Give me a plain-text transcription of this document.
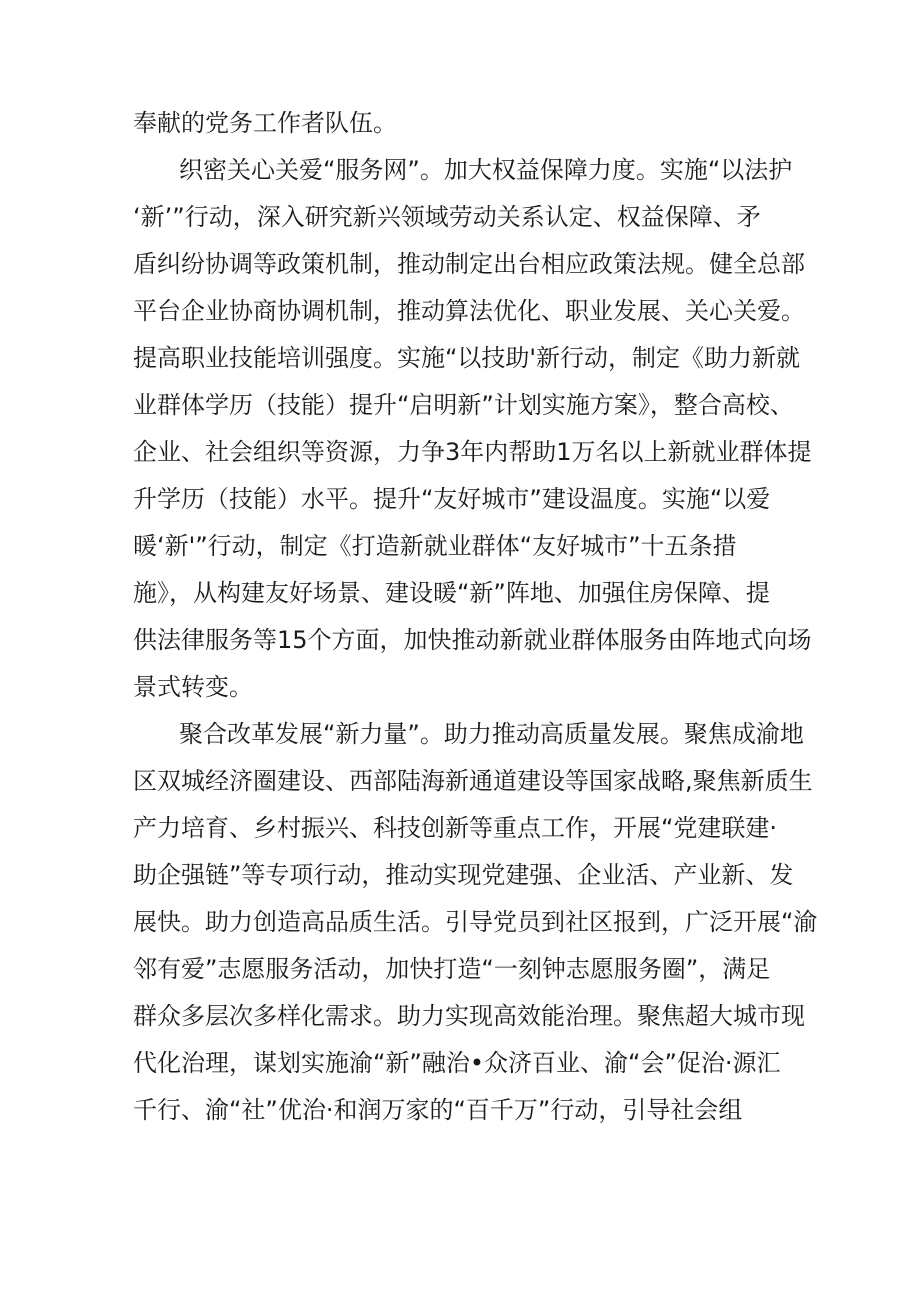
奉献的党务工作者队伍。
织密关心关爱“服务网”。加大权益保障力度。实施“以法护
‘新’”行动，深入研究新兴领域劳动关系认定、权益保障、矛
盾纠纷协调等政策机制，推动制定出台相应政策法规。健全总部
平台企业协商协调机制，推动算法优化、职业发展、关心关爱。
提高职业技能培训强度。实施“以技助'新行动，制定《助力新就
业群体学历（技能）提升“启明新”计划实施方案》，整合高校、
企业、社会组织等资源，力争3年内帮助1万名以上新就业群体提
升学历（技能）水平。提升“友好城市”建设温度。实施“以爱
暖‘新'”行动，制定《打造新就业群体“友好城市”十五条措
施》，从构建友好场景、建设暖“新”阵地、加强住房保障、提
供法律服务等15个方面，加快推动新就业群体服务由阵地式向场
景式转变。
聚合改革发展“新力量”。助力推动高质量发展。聚焦成渝地
区双城经济圈建设、西部陆海新通道建设等国家战略,聚焦新质生
产力培育、乡村振兴、科技创新等重点工作，开展“党建联建·
助企强链”等专项行动，推动实现党建强、企业活、产业新、发
展快。助力创造高品质生活。引导党员到社区报到，广泛开展“渝
邻有爱”志愿服务活动，加快打造“一刻钟志愿服务圈”，满足
群众多层次多样化需求。助力实现高效能治理。聚焦超大城市现
代化治理，谋划实施渝“新”融治•众济百业、渝“会”促治·源汇
千行、渝“社”优治·和润万家的“百千万”行动，引导社会组
